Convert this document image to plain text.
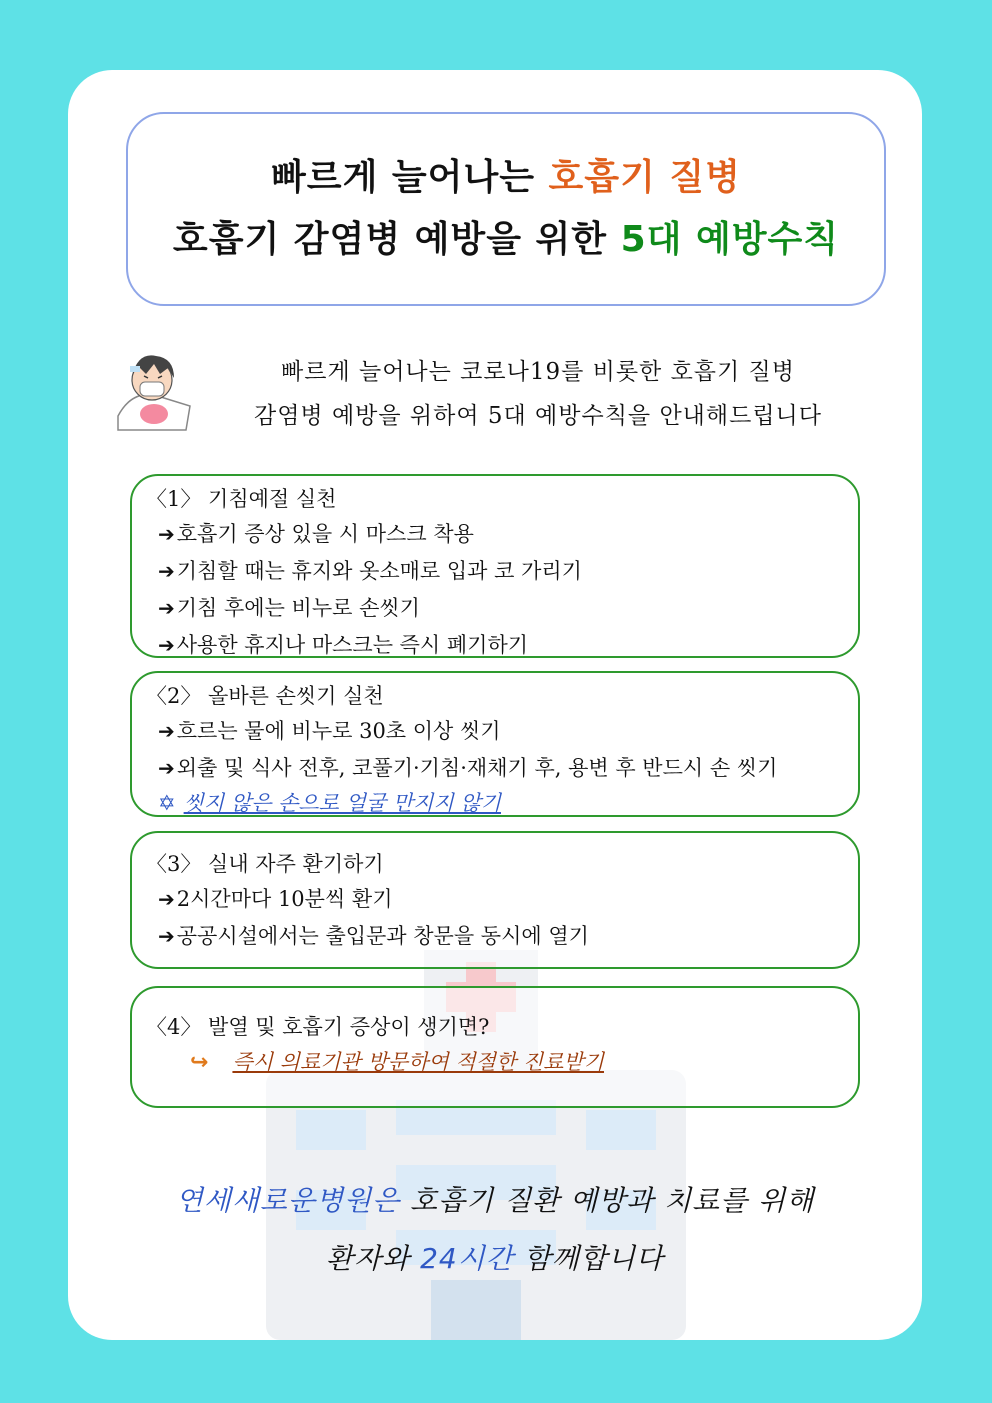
빠르게 늘어나는 호흡기 질병
호흡기 감염병 예방을 위한 5대 예방수칙
빠르게 늘어나는 코로나19를 비롯한 호흡기 질병
감염병 예방을 위하여 5대 예방수칙을 안내해드립니다
〈1〉 기침예절 실천
➔호흡기 증상 있을 시 마스크 착용
➔기침할 때는 휴지와 옷소매로 입과 코 가리기
➔기침 후에는 비누로 손씻기
➔사용한 휴지나 마스크는 즉시 폐기하기
〈2〉 올바른 손씻기 실천
➔흐르는 물에 비누로 30초 이상 씻기
➔외출 및 식사 전후, 코풀기·기침·재채기 후, 용변 후 반드시 손 씻기
✡ 씻지 않은 손으로 얼굴 만지지 않기
〈3〉 실내 자주 환기하기
➔2시간마다 10분씩 환기
➔공공시설에서는 출입문과 창문을 동시에 열기
〈4〉 발열 및 호흡기 증상이 생기면?
↪ 즉시 의료기관 방문하여 적절한 진료받기
연세새로운병원은 호흡기 질환 예방과 치료를 위해
환자와 24시간 함께합니다
